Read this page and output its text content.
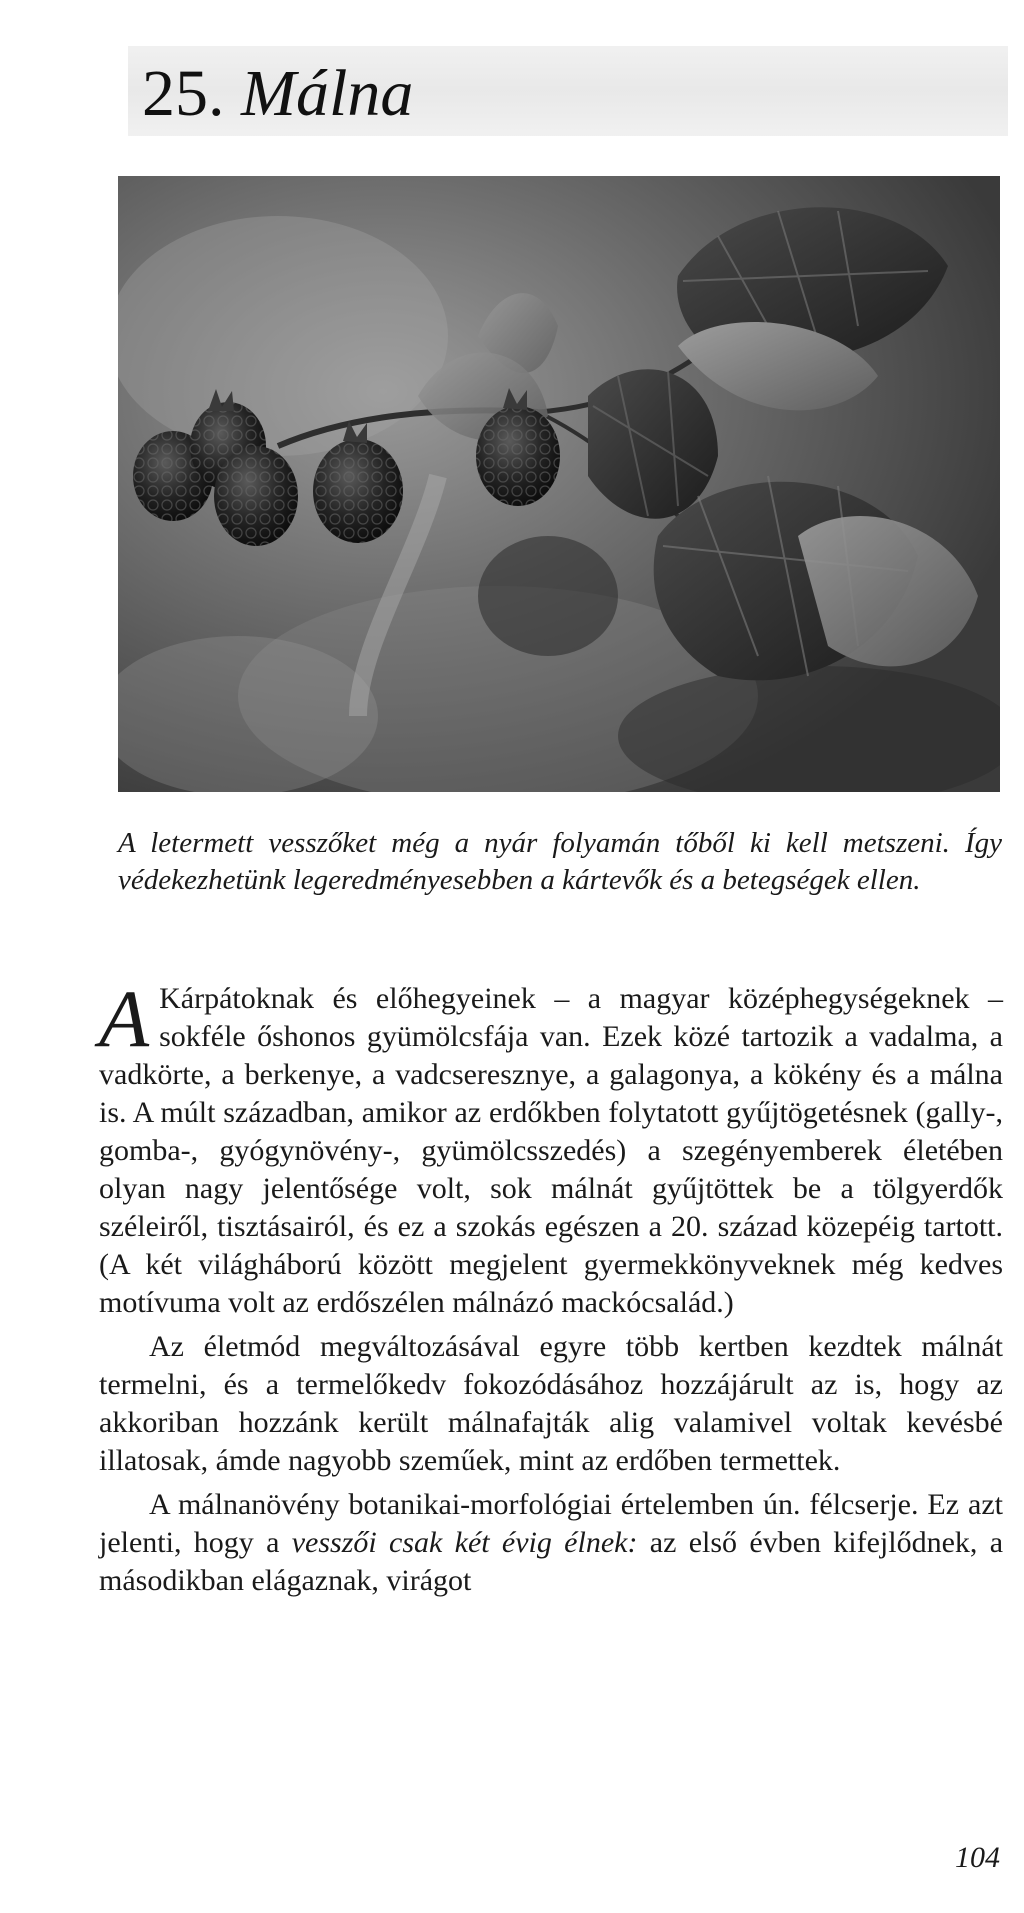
25. Málna

A letermett vesszőket még a nyár folyamán tőből ki kell metszeni. Így védekezhetünk legeredményesebben a kártevők és a betegségek ellen.

A Kárpátoknak és előhegyeinek – a magyar középhegységeknek – sokféle őshonos gyümölcsfája van. Ezek közé tartozik a vadalma, a vadkörte, a berkenye, a vadcseresznye, a galagonya, a kökény és a málna is. A múlt században, amikor az erdőkben folytatott gyűjtögetésnek (gally-, gomba-, gyógynövény-, gyümölcsszedés) a szegényemberek életében olyan nagy jelentősége volt, sok málnát gyűjtöttek be a tölgyerdők széleiről, tisztásairól, és ez a szokás egészen a 20. század közepéig tartott. (A két világháború között megjelent gyermekkönyveknek még kedves motívuma volt az erdőszélen málnázó mackócsalád.)

Az életmód megváltozásával egyre több kertben kezdtek málnát termelni, és a termelőkedv fokozódásához hozzájárult az is, hogy az akkoriban hozzánk került málnafajták alig valamivel voltak kevésbé illatosak, ámde nagyobb szeműek, mint az erdőben termettek.

A málnanövény botanikai-morfológiai értelemben ún. félcserje. Ez azt jelenti, hogy a vesszői csak két évig élnek: az első évben kifejlődnek, a másodikban elágaznak, virágot

104
